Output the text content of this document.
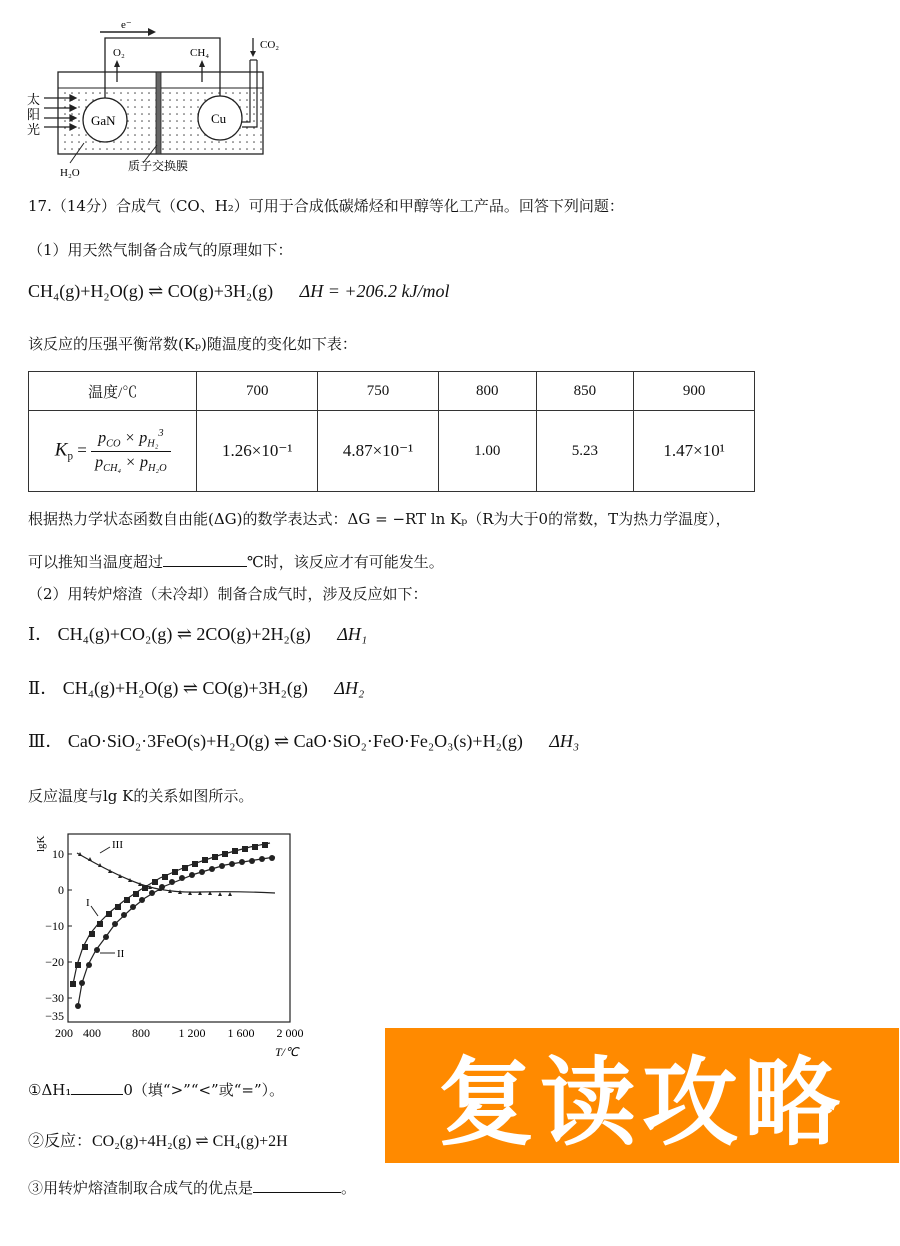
e⁻
GaN	Cu
O₂	CH₄
CO₂
太
阳
光
H₂O	质子交换膜
17.（14分）合成气（CO、H₂）可用于合成低碳烯烃和甲醇等化工产品。回答下列问题：
（1）用天然气制备合成气的原理如下：
CH₄(g)+H₂O(g) ⇌ CO(g)+3H₂(g) ΔH = +206.2 kJ/mol
该反应的压强平衡常数(Kₚ)随温度的变化如下表：
温度/℃	700	750	800	850	900
$K_p = \frac{p_{CO} \times p_{H_2}^3}{p_{CH_4} \times p_{H_2O}}$	1.26×10⁻¹	4.87×10⁻¹	1.00	5.23	1.47×10¹
根据热力学状态函数自由能(ΔG)的数学表达式：ΔG = −RT ln Kₚ（R为大于0的常数，T为热力学温度），
可以推知当温度超过	℃时，该反应才有可能发生。
（2）用转炉熔渣（未冷却）制备合成气时，涉及反应如下：
Ⅰ． CH₄(g)+CO₂(g) ⇌ 2CO(g)+2H₂(g) ΔH₁
Ⅱ． CH₄(g)+H₂O(g) ⇌ CO(g)+3H₂(g) ΔH₂
Ⅲ． CaO·SiO₂·3FeO(s)+H₂O(g) ⇌ CaO·SiO₂·FeO·Fe₂O₃(s)+H₂(g) ΔH₃
反应温度与lg K的关系如图所示。
lgK
10
0
−10
−20
−30
−35
200 400	800 1 200 1 600 2 000
T/℃
III
I
II
①ΔH₁	0（填“>”“<”或“=”）。
②反应：CO₂(g)+4H₂(g) ⇌ CH₄(g)+2H
③用转炉熔渣制取合成气的优点是	。
复读攻略
